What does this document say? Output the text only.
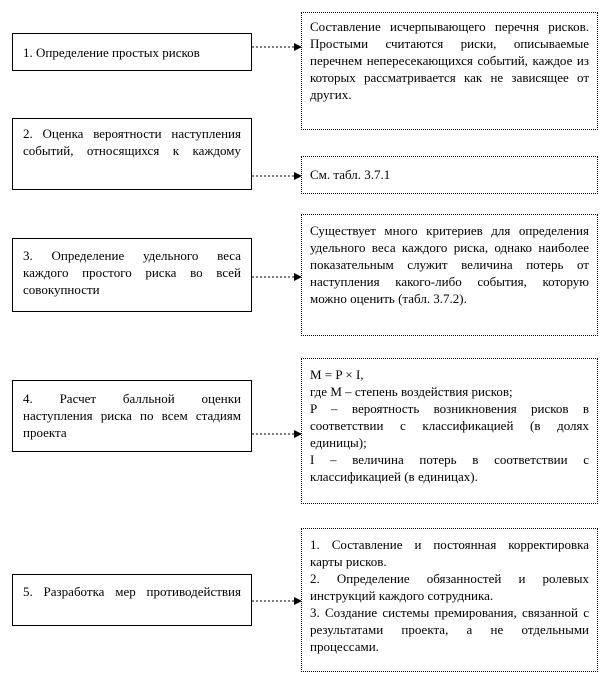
1. Определение простых рисков

Составление исчерпывающего перечня рисков. Простыми считаются риски, описываемые перечнем непересекающихся событий, каждое из которых рассматривается как не зависящее от других.

2. Оценка вероятности наступления событий, относящихся к каждому

См. табл. 3.7.1

3. Определение удельного веса каждого простого риска во всей совокупности

Существует много критериев для определения удельного веса каждого риска, однако наиболее показательным служит величина потерь от наступления какого-либо события, которую можно оценить (табл. 3.7.2).

4. Расчет балльной оценки наступления риска по всем стадиям проекта

M = P × I,

где M – степень воздействия рисков;

P – вероятность возникновения рисков в соответствии с классификацией (в долях единицы);

I – величина потерь в соответствии с классификацией (в единицах).

5. Разработка мер противодействия

1. Составление и постоянная корректировка карты рисков.

2. Определение обязанностей и ролевых инструкций каждого сотрудника.

3. Создание системы премирования, связанной с результатами проекта, а не отдельными процессами.
